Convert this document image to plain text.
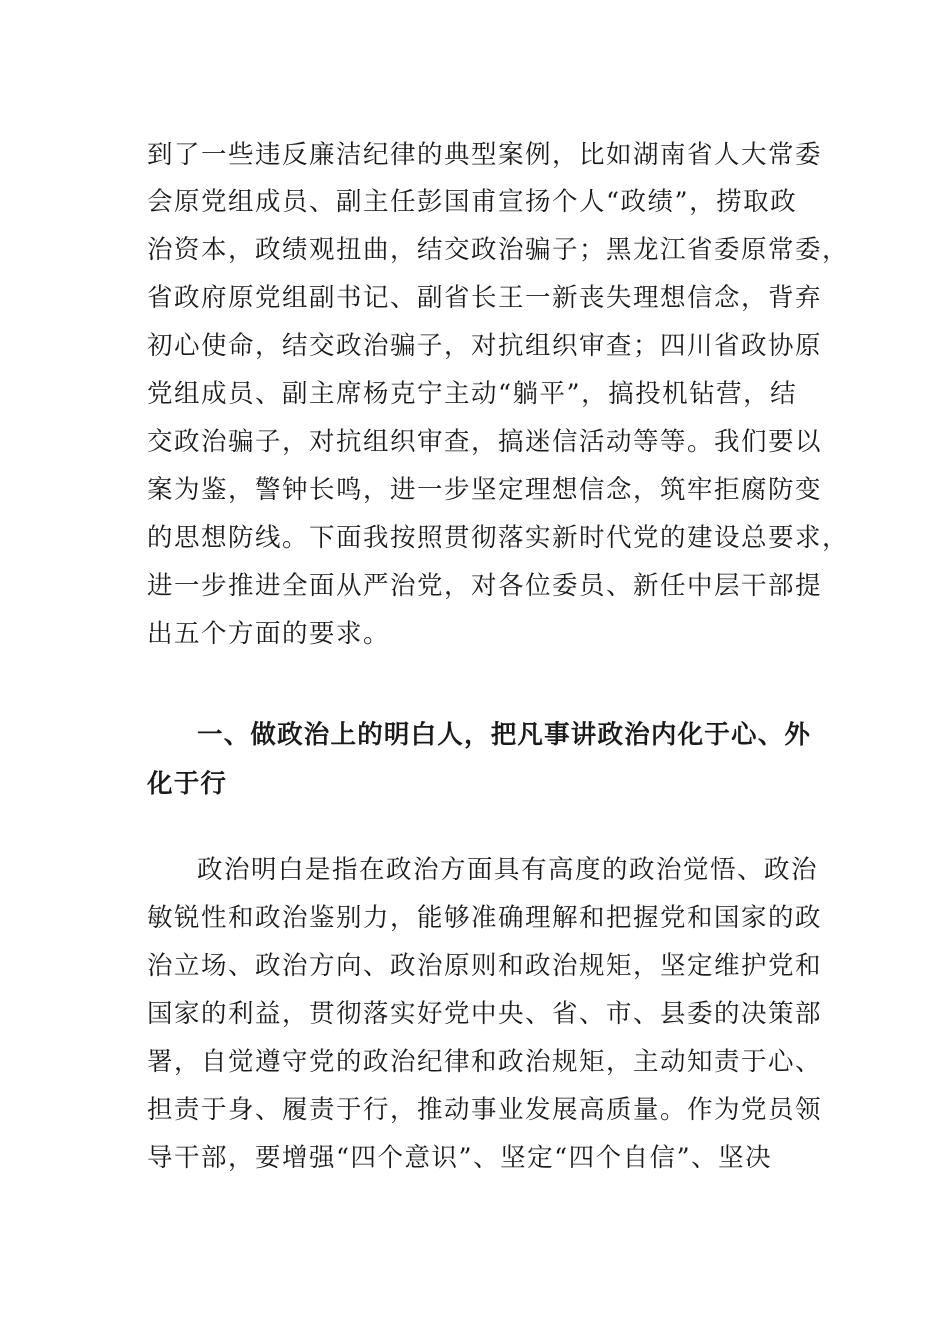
到了一些违反廉洁纪律的典型案例，比如湖南省人大常委
会原党组成员、副主任彭国甫宣扬个人“政绩”，捞取政
治资本，政绩观扭曲，结交政治骗子；黑龙江省委原常委，
省政府原党组副书记、副省长王一新丧失理想信念，背弃
初心使命，结交政治骗子，对抗组织审查；四川省政协原
党组成员、副主席杨克宁主动“躺平”，搞投机钻营，结
交政治骗子，对抗组织审查，搞迷信活动等等。我们要以
案为鉴，警钟长鸣，进一步坚定理想信念，筑牢拒腐防变
的思想防线。下面我按照贯彻落实新时代党的建设总要求，
进一步推进全面从严治党，对各位委员、新任中层干部提
出五个方面的要求。
一、做政治上的明白人，把凡事讲政治内化于心、外
化于行
政治明白是指在政治方面具有高度的政治觉悟、政治
敏锐性和政治鉴别力，能够准确理解和把握党和国家的政
治立场、政治方向、政治原则和政治规矩，坚定维护党和
国家的利益，贯彻落实好党中央、省、市、县委的决策部
署，自觉遵守党的政治纪律和政治规矩，主动知责于心、
担责于身、履责于行，推动事业发展高质量。作为党员领
导干部，要增强“四个意识”、坚定“四个自信”、坚决
